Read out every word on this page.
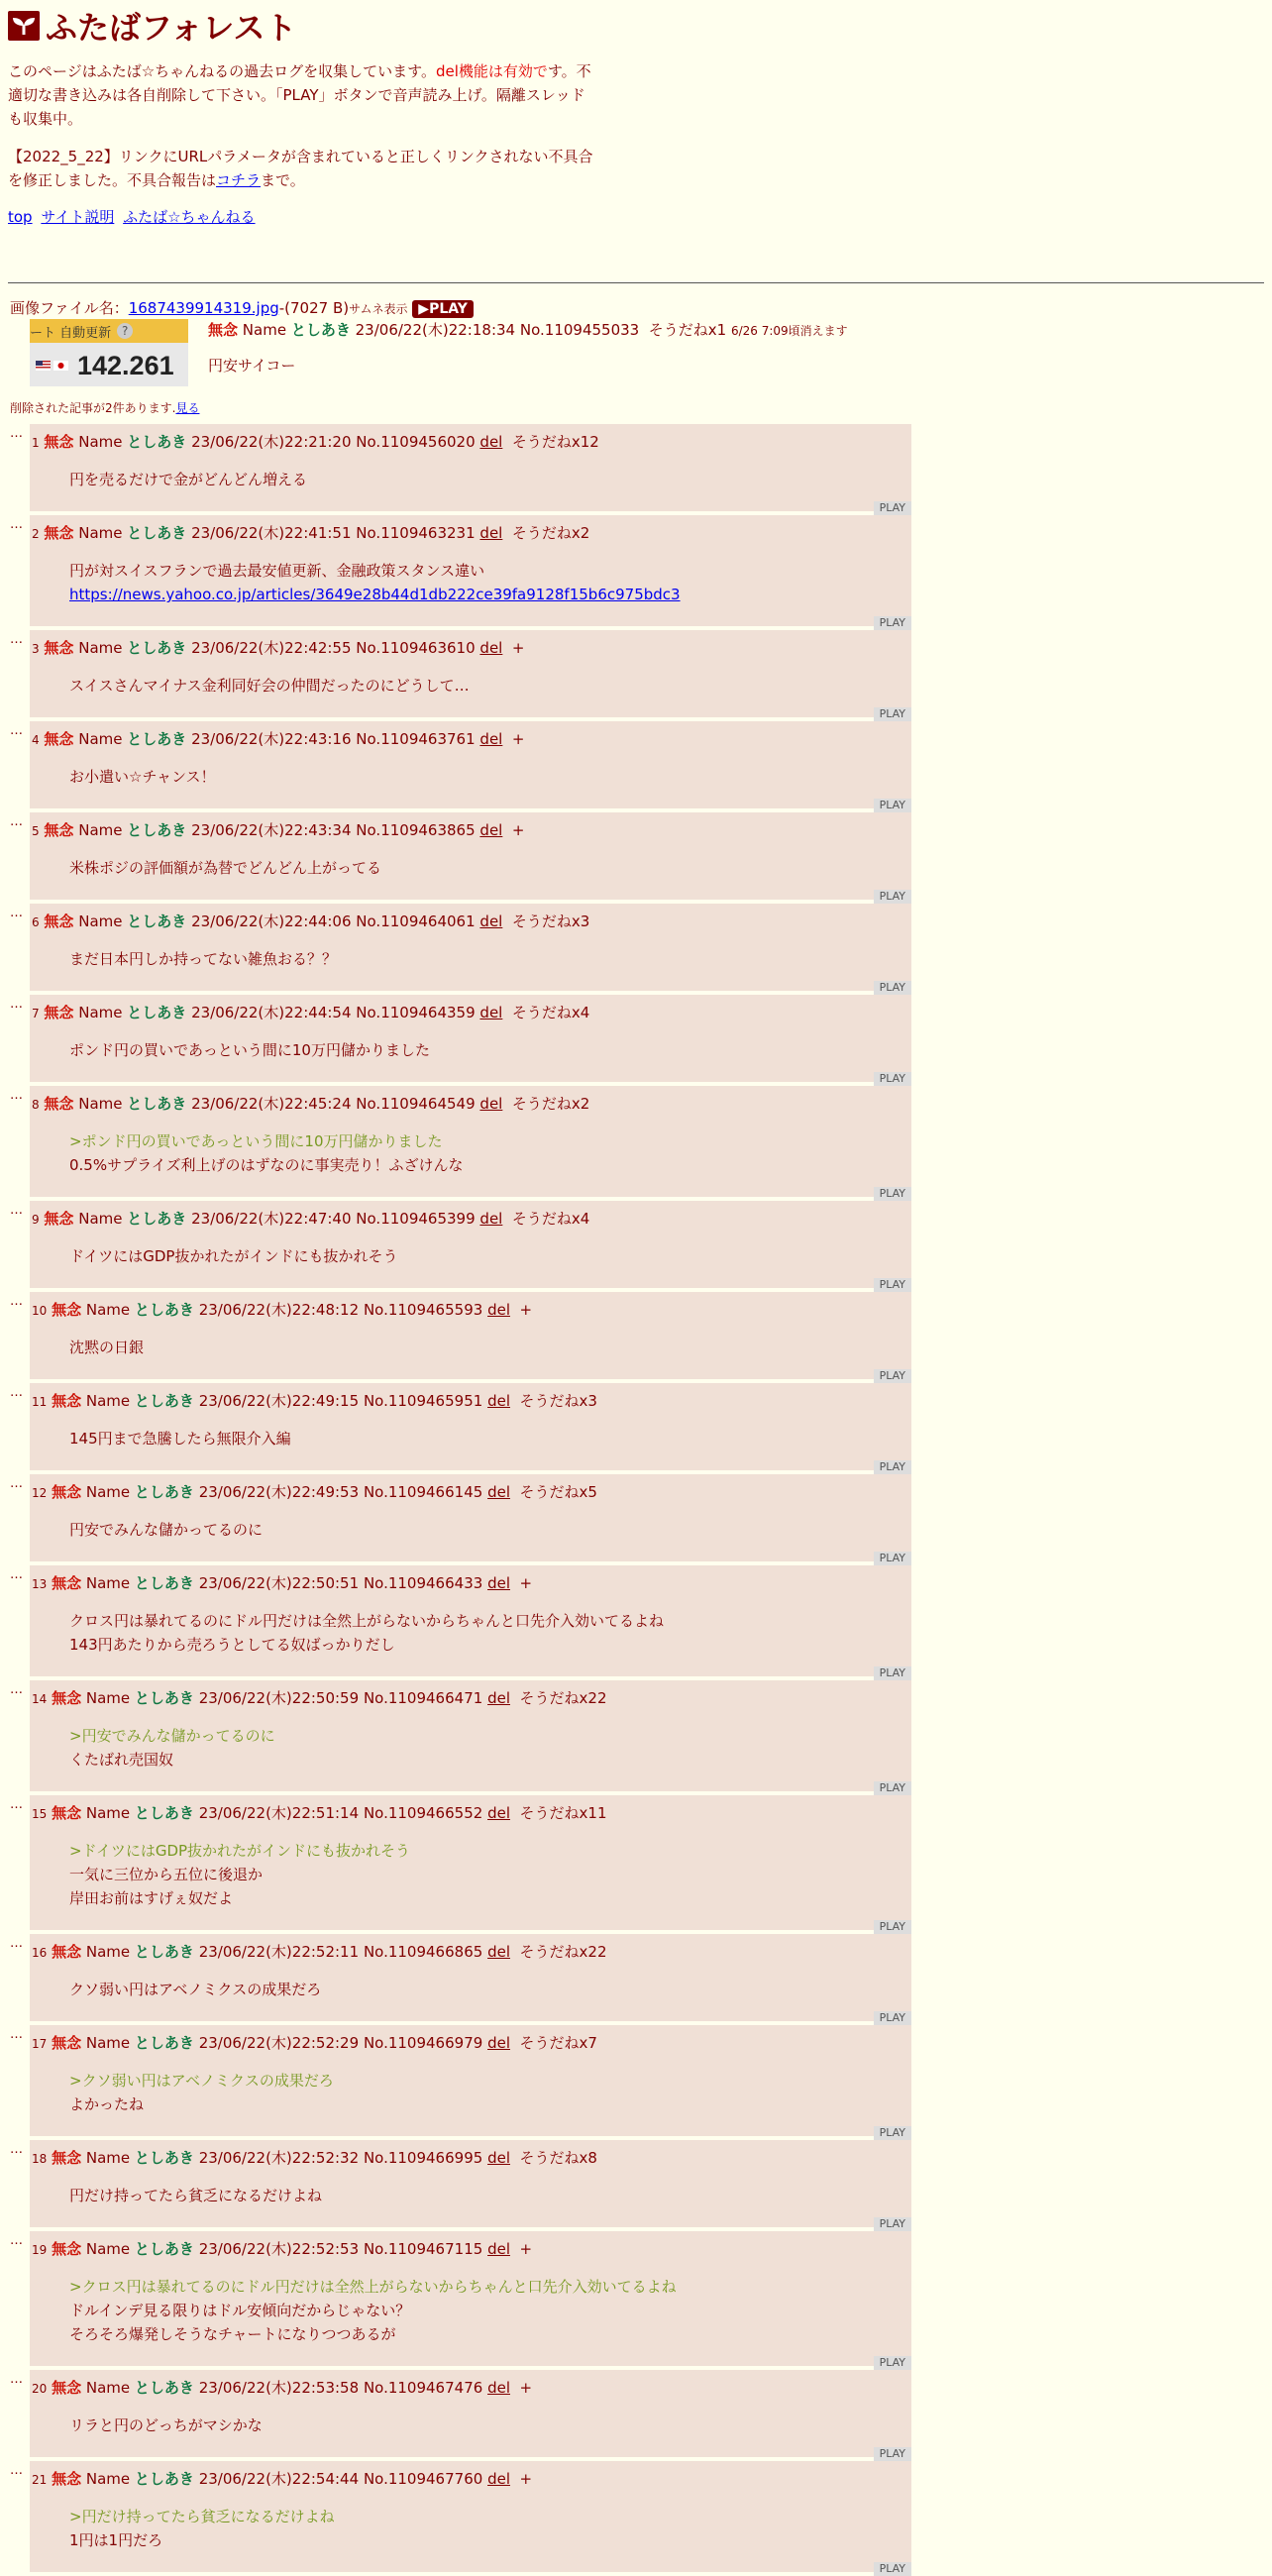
ふたばフォレスト

このページはふたば☆ちゃんねるの過去ログを収集しています。del機能は有効です。不適切な書き込みは各自削除して下さい。「PLAY」ボタンで音声読み上げ。隔離スレッドも収集中。

【2022_5_22】リンクにURLパラメータが含まれていると正しくリンクされない不具合を修正しました。不具合報告はコチラまで。

top サイト説明 ふたば☆ちゃんねる
画像ファイル名：1687439914319.jpg-(7027 B)サムネ表示 ▶PLAY
ート 自動更新 ?
142.261
無念 Name としあき 23/06/22(木)22:18:34 No.1109455033 そうだねx1 6/26 7:09頃消えます
円安サイコー
削除された記事が2件あります.見る
…
1 無念 Name としあき 23/06/22(木)22:21:20 No.1109456020 del そうだねx12
円を売るだけで金がどんどん増える
PLAY
…
2 無念 Name としあき 23/06/22(木)22:41:51 No.1109463231 del そうだねx2
円が対スイスフランで過去最安値更新、金融政策スタンス違い
https://news.yahoo.co.jp/articles/3649e28b44d1db222ce39fa9128f15b6c975bdc3
PLAY
…
3 無念 Name としあき 23/06/22(木)22:42:55 No.1109463610 del +
スイスさんマイナス金利同好会の仲間だったのにどうして…
PLAY
…
4 無念 Name としあき 23/06/22(木)22:43:16 No.1109463761 del +
お小遣い☆チャンス！
PLAY
…
5 無念 Name としあき 23/06/22(木)22:43:34 No.1109463865 del +
米株ポジの評価額が為替でどんどん上がってる
PLAY
…
6 無念 Name としあき 23/06/22(木)22:44:06 No.1109464061 del そうだねx3
まだ日本円しか持ってない雑魚おる？？
PLAY
…
7 無念 Name としあき 23/06/22(木)22:44:54 No.1109464359 del そうだねx4
ポンド円の買いであっという間に10万円儲かりました
PLAY
…
8 無念 Name としあき 23/06/22(木)22:45:24 No.1109464549 del そうだねx2
>ポンド円の買いであっという間に10万円儲かりました
0.5%サプライズ利上げのはずなのに事実売り！ふざけんな
PLAY
…
9 無念 Name としあき 23/06/22(木)22:47:40 No.1109465399 del そうだねx4
ドイツにはGDP抜かれたがインドにも抜かれそう
PLAY
…
10 無念 Name としあき 23/06/22(木)22:48:12 No.1109465593 del +
沈黙の日銀
PLAY
…
11 無念 Name としあき 23/06/22(木)22:49:15 No.1109465951 del そうだねx3
145円まで急騰したら無限介入編
PLAY
…
12 無念 Name としあき 23/06/22(木)22:49:53 No.1109466145 del そうだねx5
円安でみんな儲かってるのに
PLAY
…
13 無念 Name としあき 23/06/22(木)22:50:51 No.1109466433 del +
クロス円は暴れてるのにドル円だけは全然上がらないからちゃんと口先介入効いてるよね
143円あたりから売ろうとしてる奴ばっかりだし
PLAY
…
14 無念 Name としあき 23/06/22(木)22:50:59 No.1109466471 del そうだねx22
>円安でみんな儲かってるのに
くたばれ売国奴
PLAY
…
15 無念 Name としあき 23/06/22(木)22:51:14 No.1109466552 del そうだねx11
>ドイツにはGDP抜かれたがインドにも抜かれそう
一気に三位から五位に後退か
岸田お前はすげぇ奴だよ
PLAY
…
16 無念 Name としあき 23/06/22(木)22:52:11 No.1109466865 del そうだねx22
クソ弱い円はアベノミクスの成果だろ
PLAY
…
17 無念 Name としあき 23/06/22(木)22:52:29 No.1109466979 del そうだねx7
>クソ弱い円はアベノミクスの成果だろ
よかったね
PLAY
…
18 無念 Name としあき 23/06/22(木)22:52:32 No.1109466995 del そうだねx8
円だけ持ってたら貧乏になるだけよね
PLAY
…
19 無念 Name としあき 23/06/22(木)22:52:53 No.1109467115 del +
>クロス円は暴れてるのにドル円だけは全然上がらないからちゃんと口先介入効いてるよね
ドルインデ見る限りはドル安傾向だからじゃない？
そろそろ爆発しそうなチャートになりつつあるが
PLAY
…
20 無念 Name としあき 23/06/22(木)22:53:58 No.1109467476 del +
リラと円のどっちがマシかな
PLAY
…
21 無念 Name としあき 23/06/22(木)22:54:44 No.1109467760 del +
>円だけ持ってたら貧乏になるだけよね
1円は1円だろ
PLAY
